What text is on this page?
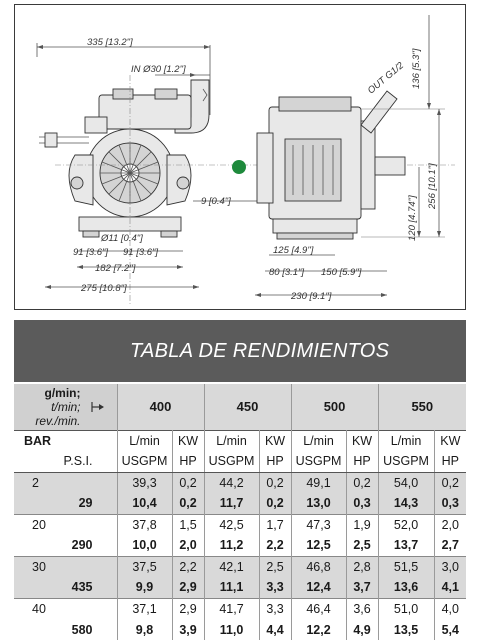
335 [13.2"]
IN Ø30 [1.2"]
9 [0.4"]
Ø11 [0.4"]
91 [3.6"] 91 [3.6"]
182 [7.2"]
275 [10.8"]
OUT G1/2 136 [5.3"]
256 [10.1"]
120 [4.74"]
125 [4.9"]
80 [3.1"] 150 [5.9"]
230 [9.1"]
TABLA DE RENDIMIENTOS
g/min;
t/min;
rev./min.	400		450		500		550	
BAR	L/min	KW	L/min	KW	L/min	KW	L/min	KW
P.S.I.	USGPM	HP	USGPM	HP	USGPM	HP	USGPM	HP
2	39,3	0,2	44,2	0,2	49,1	0,2	54,0	0,2
29	10,4	0,2	11,7	0,2	13,0	0,3	14,3	0,3
20	37,8	1,5	42,5	1,7	47,3	1,9	52,0	2,0
290	10,0	2,0	11,2	2,2	12,5	2,5	13,7	2,7
30	37,5	2,2	42,1	2,5	46,8	2,8	51,5	3,0
435	9,9	2,9	11,1	3,3	12,4	3,7	13,6	4,1
40	37,1	2,9	41,7	3,3	46,4	3,6	51,0	4,0
580	9,8	3,9	11,0	4,4	12,2	4,9	13,5	5,4
